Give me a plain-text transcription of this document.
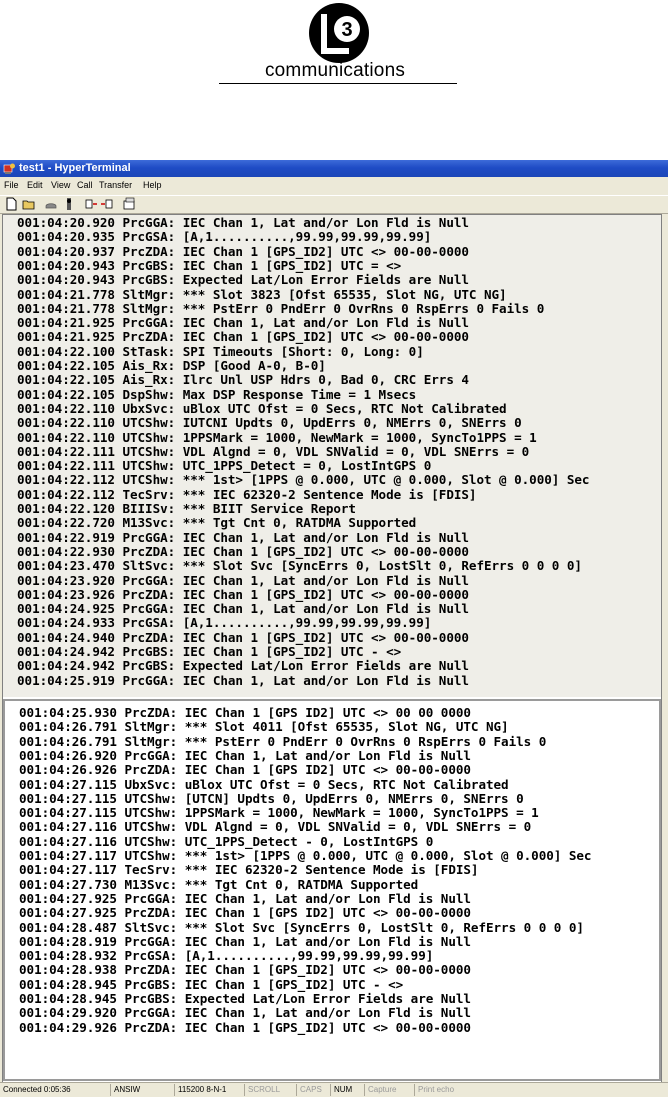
3
communications
test1 - HyperTerminal
File Edit View Call Transfer Help
001:04:20.920 PrcGGA: IEC Chan 1, Lat and/or Lon Fld is Null
001:04:20.935 PrcGSA: [A,1..........,99.99,99.99,99.99]
001:04:20.937 PrcZDA: IEC Chan 1 [GPS_ID2] UTC <> 00-00-0000
001:04:20.943 PrcGBS: IEC Chan 1 [GPS_ID2] UTC = <>
001:04:20.943 PrcGBS: Expected Lat/Lon Error Fields are Null
001:04:21.778 SltMgr: *** Slot 3823 [Ofst 65535, Slot NG, UTC NG]
001:04:21.778 SltMgr: *** PstErr 0 PndErr 0 OvrRns 0 RspErrs 0 Fails 0
001:04:21.925 PrcGGA: IEC Chan 1, Lat and/or Lon Fld is Null
001:04:21.925 PrcZDA: IEC Chan 1 [GPS_ID2] UTC <> 00-00-0000
001:04:22.100 StTask: SPI Timeouts [Short: 0, Long: 0]
001:04:22.105 Ais_Rx: DSP [Good A-0, B-0]
001:04:22.105 Ais_Rx: Ilrc Unl USP Hdrs 0, Bad 0, CRC Errs 4
001:04:22.105 DspShw: Max DSP Response Time = 1 Msecs
001:04:22.110 UbxSvc: uBlox UTC Ofst = 0 Secs, RTC Not Calibrated
001:04:22.110 UTCShw: IUTCNI Updts 0, UpdErrs 0, NMErrs 0, SNErrs 0
001:04:22.110 UTCShw: 1PPSMark = 1000, NewMark = 1000, SyncTo1PPS = 1
001:04:22.111 UTCShw: VDL Algnd = 0, VDL SNValid = 0, VDL SNErrs = 0
001:04:22.111 UTCShw: UTC_1PPS_Detect = 0, LostIntGPS 0
001:04:22.112 UTCShw: *** 1st> [1PPS @ 0.000, UTC @ 0.000, Slot @ 0.000] Sec
001:04:22.112 TecSrv: *** IEC 62320-2 Sentence Mode is [FDIS]
001:04:22.120 BIIISv: *** BIIT Service Report
001:04:22.720 M13Svc: *** Tgt Cnt 0, RATDMA Supported
001:04:22.919 PrcGGA: IEC Chan 1, Lat and/or Lon Fld is Null
001:04:22.930 PrcZDA: IEC Chan 1 [GPS_ID2] UTC <> 00-00-0000
001:04:23.470 SltSvc: *** Slot Svc [SyncErrs 0, LostSlt 0, RefErrs 0 0 0 0]
001:04:23.920 PrcGGA: IEC Chan 1, Lat and/or Lon Fld is Null
001:04:23.926 PrcZDA: IEC Chan 1 [GPS_ID2] UTC <> 00-00-0000
001:04:24.925 PrcGGA: IEC Chan 1, Lat and/or Lon Fld is Null
001:04:24.933 PrcGSA: [A,1..........,99.99,99.99,99.99]
001:04:24.940 PrcZDA: IEC Chan 1 [GPS_ID2] UTC <> 00-00-0000
001:04:24.942 PrcGBS: IEC Chan 1 [GPS_ID2] UTC - <>
001:04:24.942 PrcGBS: Expected Lat/Lon Error Fields are Null
001:04:25.919 PrcGGA: IEC Chan 1, Lat and/or Lon Fld is Null
001:04:25.930 PrcZDA: IEC Chan 1 [GPS ID2] UTC <> 00 00 0000
001:04:26.791 SltMgr: *** Slot 4011 [Ofst 65535, Slot NG, UTC NG]
001:04:26.791 SltMgr: *** PstErr 0 PndErr 0 OvrRns 0 RspErrs 0 Fails 0
001:04:26.920 PrcGGA: IEC Chan 1, Lat and/or Lon Fld is Null
001:04:26.926 PrcZDA: IEC Chan 1 [GPS ID2] UTC <> 00-00-0000
001:04:27.115 UbxSvc: uBlox UTC Ofst = 0 Secs, RTC Not Calibrated
001:04:27.115 UTCShw: [UTCN] Updts 0, UpdErrs 0, NMErrs 0, SNErrs 0
001:04:27.115 UTCShw: 1PPSMark = 1000, NewMark = 1000, SyncTo1PPS = 1
001:04:27.116 UTCShw: VDL Algnd = 0, VDL SNValid = 0, VDL SNErrs = 0
001:04:27.116 UTCShw: UTC_1PPS_Detect - 0, LostIntGPS 0
001:04:27.117 UTCShw: *** 1st> [1PPS @ 0.000, UTC @ 0.000, Slot @ 0.000] Sec
001:04:27.117 TecSrv: *** IEC 62320-2 Sentence Mode is [FDIS]
001:04:27.730 M13Svc: *** Tgt Cnt 0, RATDMA Supported
001:04:27.925 PrcGGA: IEC Chan 1, Lat and/or Lon Fld is Null
001:04:27.925 PrcZDA: IEC Chan 1 [GPS ID2] UTC <> 00-00-0000
001:04:28.487 SltSvc: *** Slot Svc [SyncErrs 0, LostSlt 0, RefErrs 0 0 0 0]
001:04:28.919 PrcGGA: IEC Chan 1, Lat and/or Lon Fld is Null
001:04:28.932 PrcGSA: [A,1..........,99.99,99.99,99.99]
001:04:28.938 PrcZDA: IEC Chan 1 [GPS_ID2] UTC <> 00-00-0000
001:04:28.945 PrcGBS: IEC Chan 1 [GPS_ID2] UTC - <>
001:04:28.945 PrcGBS: Expected Lat/Lon Error Fields are Null
001:04:29.920 PrcGGA: IEC Chan 1, Lat and/or Lon Fld is Null
001:04:29.926 PrcZDA: IEC Chan 1 [GPS_ID2] UTC <> 00-00-0000
Connected 0:05:36	ANSIW	115200 8-N-1	SCROLL	CAPS	NUM	Capture	Print echo
